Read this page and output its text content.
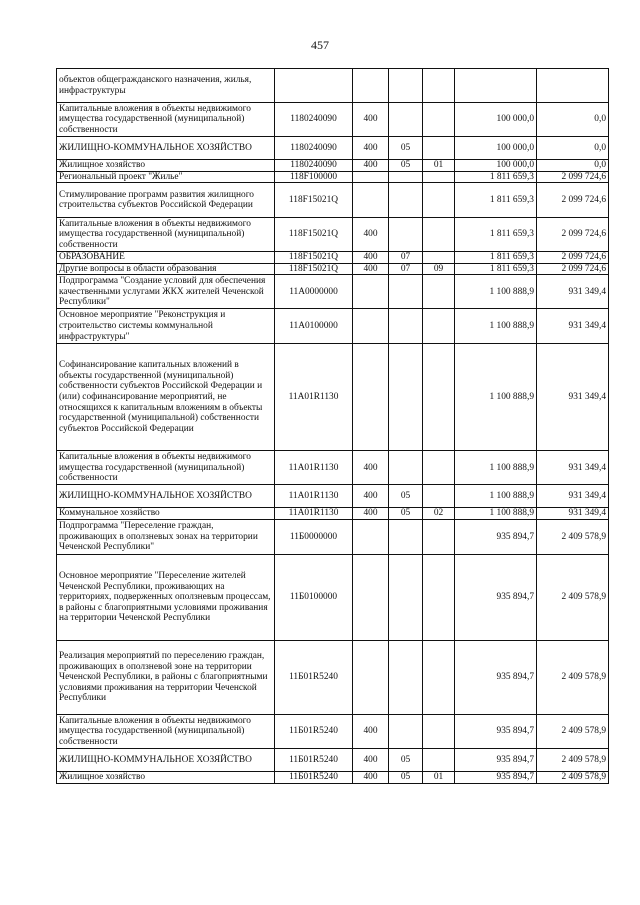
457
объектов общегражданского назначения, жилья, инфраструктуры						
Капитальные вложения в объекты недвижимого имущества государственной (муниципальной) собственности	1180240090	400			100 000,0	0,0
ЖИЛИЩНО-КОММУНАЛЬНОЕ ХОЗЯЙСТВО	1180240090	400	05		100 000,0	0,0
Жилищное хозяйство	1180240090	400	05	01	100 000,0	0,0
Региональный проект "Жилье"	118F100000				1 811 659,3	2 099 724,6
Стимулирование программ развития жилищного строительства субъектов Российской Федерации	118F15021Q				1 811 659,3	2 099 724,6
Капитальные вложения в объекты недвижимого имущества государственной (муниципальной) собственности	118F15021Q	400			1 811 659,3	2 099 724,6
ОБРАЗОВАНИЕ	118F15021Q	400	07		1 811 659,3	2 099 724,6
Другие вопросы в области образования	118F15021Q	400	07	09	1 811 659,3	2 099 724,6
Подпрограмма "Создание условий для обеспечения качественными услугами ЖКХ жителей Чеченской Республики"	11А0000000				1 100 888,9	931 349,4
Основное мероприятие "Реконструкция и строительство системы коммунальной инфраструктуры"	11А0100000				1 100 888,9	931 349,4
Софинансирование капитальных вложений в объекты государственной (муниципальной) собственности субъектов Российской Федерации и (или) софинансирование мероприятий, не относящихся к капитальным вложениям в объекты государственной (муниципальной) собственности субъектов Российской Федерации	11А01R1130				1 100 888,9	931 349,4
Капитальные вложения в объекты недвижимого имущества государственной (муниципальной) собственности	11А01R1130	400			1 100 888,9	931 349,4
ЖИЛИЩНО-КОММУНАЛЬНОЕ ХОЗЯЙСТВО	11А01R1130	400	05		1 100 888,9	931 349,4
Коммунальное хозяйство	11А01R1130	400	05	02	1 100 888,9	931 349,4
Подпрограмма "Переселение граждан, проживающих в оползневых зонах на территории Чеченской Республики"	11Б0000000				935 894,7	2 409 578,9
Основное мероприятие "Переселение жителей Чеченской Республики, проживающих на территориях, подверженных оползневым процессам, в районы с благоприятными условиями проживания на территории Чеченской Республики	11Б0100000				935 894,7	2 409 578,9
Реализация мероприятий по переселению граждан, проживающих в оползневой зоне на территории Чеченской Республики, в районы с благоприятными условиями проживания на территории Чеченской Республики	11Б01R5240				935 894,7	2 409 578,9
Капитальные вложения в объекты недвижимого имущества государственной (муниципальной) собственности	11Б01R5240	400			935 894,7	2 409 578,9
ЖИЛИЩНО-КОММУНАЛЬНОЕ ХОЗЯЙСТВО	11Б01R5240	400	05		935 894,7	2 409 578,9
Жилищное хозяйство	11Б01R5240	400	05	01	935 894,7	2 409 578,9
